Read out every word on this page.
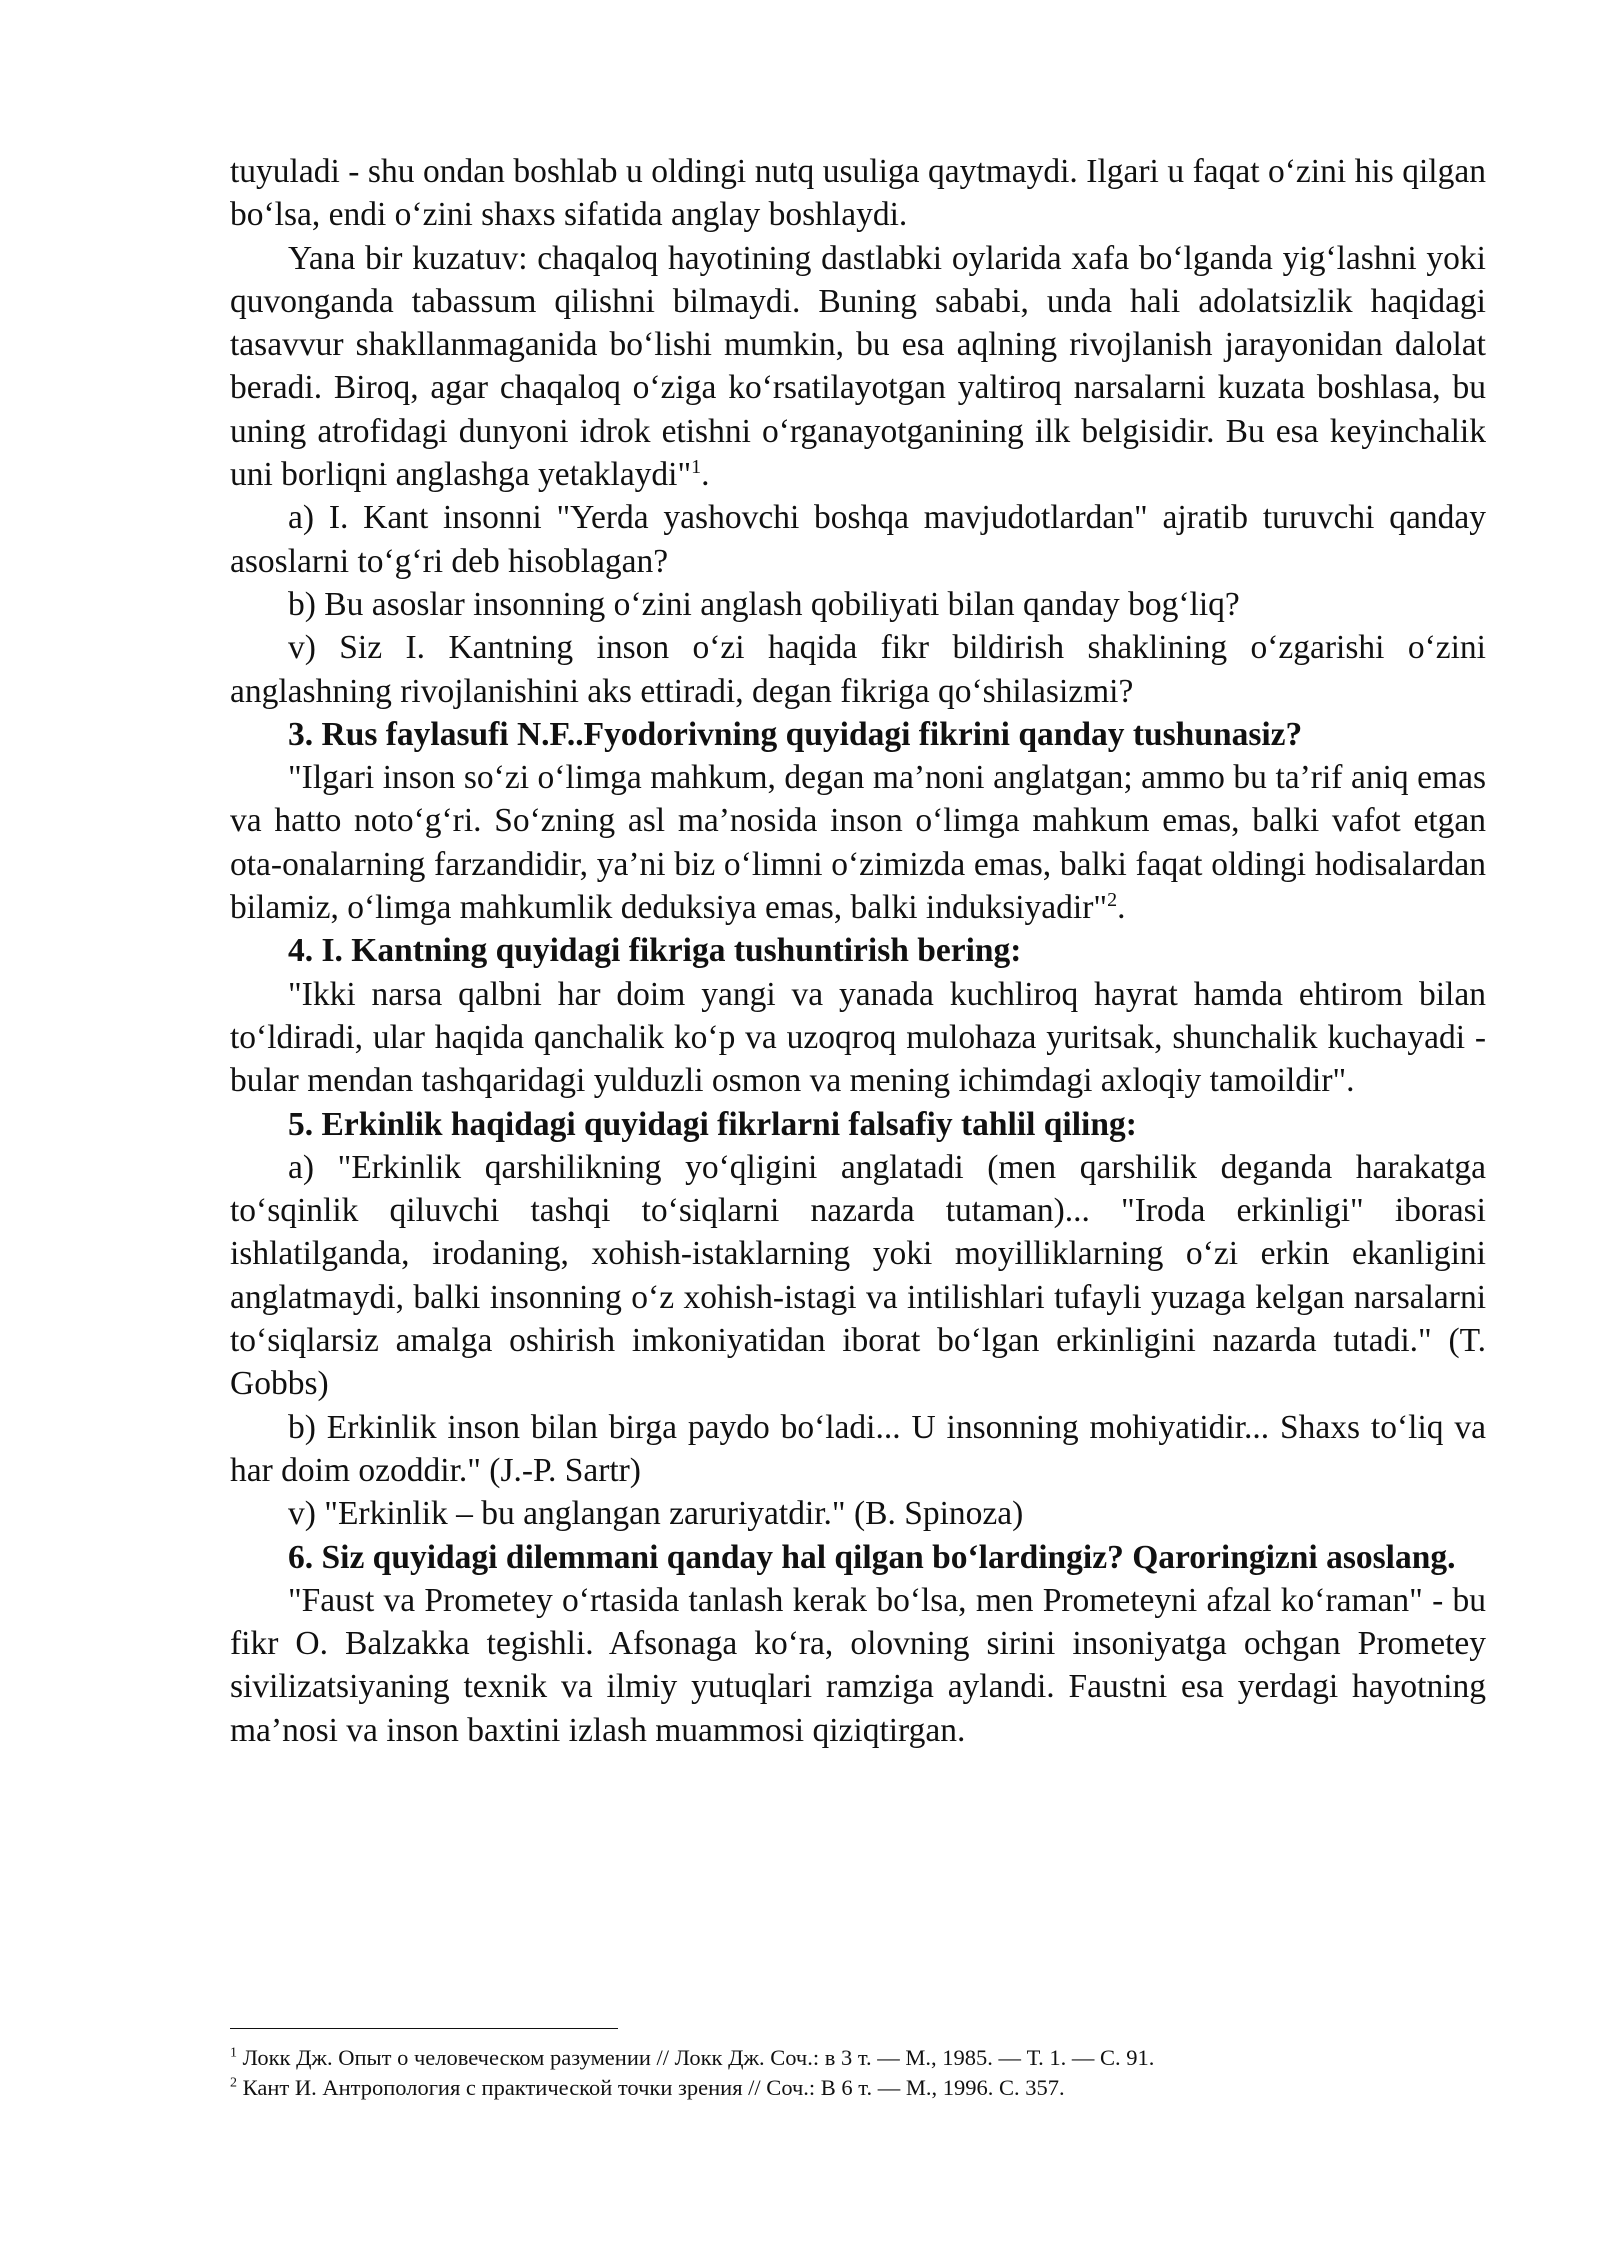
tuyuladi - shu ondan boshlab u oldingi nutq usuliga qaytmaydi. Ilgari u faqat o‘zini his qilgan bo‘lsa, endi o‘zini shaxs sifatida anglay boshlaydi.

Yana bir kuzatuv: chaqaloq hayotining dastlabki oylarida xafa bo‘lganda yig‘lashni yoki quvonganda tabassum qilishni bilmaydi. Buning sababi, unda hali adolatsizlik haqidagi tasavvur shakllanmaganida bo‘lishi mumkin, bu esa aqlning rivojlanish jarayonidan dalolat beradi. Biroq, agar chaqaloq o‘ziga ko‘rsatilayotgan yaltiroq narsalarni kuzata boshlasa, bu uning atrofidagi dunyoni idrok etishni o‘rganayotganining ilk belgisidir. Bu esa keyinchalik uni borliqni anglashga yetaklaydi"$^1$.

a) I. Kant insonni "Yerda yashovchi boshqa mavjudotlardan" ajratib turuvchi qanday asoslarni to‘g‘ri deb hisoblagan?

b) Bu asoslar insonning o‘zini anglash qobiliyati bilan qanday bog‘liq?

v) Siz I. Kantning inson o‘zi haqida fikr bildirish shaklining o‘zgarishi o‘zini anglashning rivojlanishini aks ettiradi, degan fikriga qo‘shilasizmi?

3. Rus faylasufi N.F..Fyodorivning quyidagi fikrini qanday tushunasiz?

"Ilgari inson so‘zi o‘limga mahkum, degan ma’noni anglatgan; ammo bu ta’rif aniq emas va hatto noto‘g‘ri. So‘zning asl ma’nosida inson o‘limga mahkum emas, balki vafot etgan ota-onalarning farzandidir, ya’ni biz o‘limni o‘zimizda emas, balki faqat oldingi hodisalardan bilamiz, o‘limga mahkumlik deduksiya emas, balki induksiyadir"$^2$.

4. I. Kantning quyidagi fikriga tushuntirish bering:

"Ikki narsa qalbni har doim yangi va yanada kuchliroq hayrat hamda ehtirom bilan to‘ldiradi, ular haqida qanchalik ko‘p va uzoqroq mulohaza yuritsak, shunchalik kuchayadi - bular mendan tashqaridagi yulduzli osmon va mening ichimdagi axloqiy tamoildir".

5. Erkinlik haqidagi quyidagi fikrlarni falsafiy tahlil qiling:

a) "Erkinlik qarshilikning yo‘qligini anglatadi (men qarshilik deganda harakatga to‘sqinlik qiluvchi tashqi to‘siqlarni nazarda tutaman)... "Iroda erkinligi" iborasi ishlatilganda, irodaning, xohish-istaklarning yoki moyilliklarning o‘zi erkin ekanligini anglatmaydi, balki insonning o‘z xohish-istagi va intilishlari tufayli yuzaga kelgan narsalarni to‘siqlarsiz amalga oshirish imkoniyatidan iborat bo‘lgan erkinligini nazarda tutadi." (T. Gobbs)

b) Erkinlik inson bilan birga paydo bo‘ladi... U insonning mohiyatidir... Shaxs to‘liq va har doim ozoddir." (J.-P. Sartr)

v) "Erkinlik – bu anglangan zaruriyatdir." (B. Spinoza)

6. Siz quyidagi dilemmani qanday hal qilgan bo‘lardingiz? Qaroringizni asoslang.

"Faust va Prometey o‘rtasida tanlash kerak bo‘lsa, men Prometeyni afzal ko‘raman" - bu fikr O. Balzakka tegishli. Afsonaga ko‘ra, olovning sirini insoniyatga ochgan Prometey sivilizatsiyaning texnik va ilmiy yutuqlari ramziga aylandi. Faustni esa yerdagi hayotning ma’nosi va inson baxtini izlash muammosi qiziqtirgan.

$^1$ Локк Дж. Опыт о человеческом разумении // Локк Дж. Соч.: в 3 т. — М., 1985. — Т. 1. — С. 91.

$^2$ Кант И. Антропология с практической точки зрения // Соч.: В 6 т. — М., 1996. С. 357.
